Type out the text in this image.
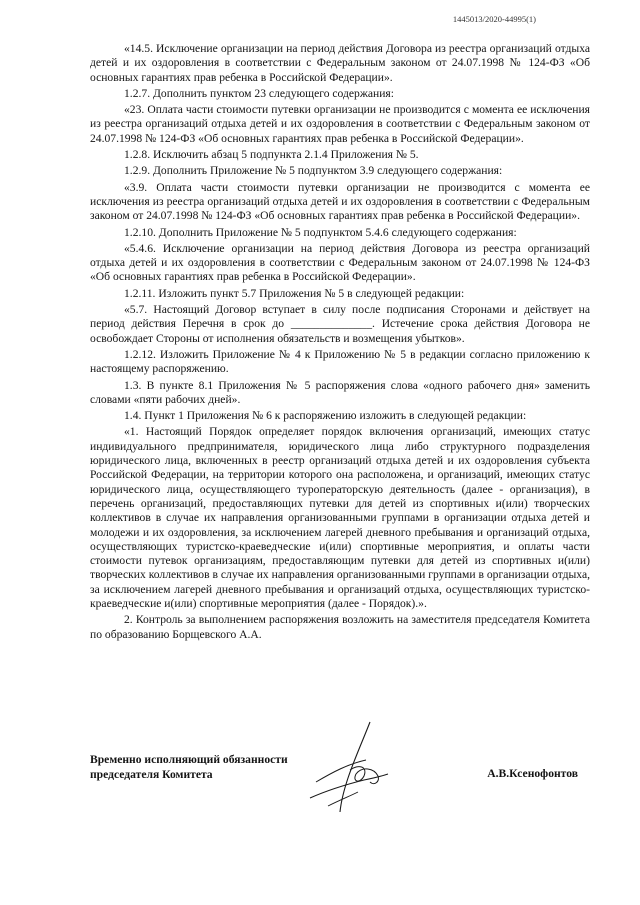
1445013/2020-44995(1)

«14.5. Исключение организации на период действия Договора из реестра организаций отдыха детей и их оздоровления в соответствии с Федеральным законом от 24.07.1998 № 124-ФЗ «Об основных гарантиях прав ребенка в Российской Федерации».

1.2.7. Дополнить пунктом 23 следующего содержания:

«23. Оплата части стоимости путевки организации не производится с момента ее исключения из реестра организаций отдыха детей и их оздоровления в соответствии с Федеральным законом от 24.07.1998 № 124-ФЗ «Об основных гарантиях прав ребенка в Российской Федерации».

1.2.8. Исключить абзац 5 подпункта 2.1.4 Приложения № 5.

1.2.9. Дополнить Приложение № 5 подпунктом 3.9 следующего содержания:

«3.9. Оплата части стоимости путевки организации не производится с момента ее исключения из реестра организаций отдыха детей и их оздоровления в соответствии с Федеральным законом от 24.07.1998 № 124-ФЗ «Об основных гарантиях прав ребенка в Российской Федерации».

1.2.10. Дополнить Приложение № 5 подпунктом 5.4.6 следующего содержания:

«5.4.6. Исключение организации на период действия Договора из реестра организаций отдыха детей и их оздоровления в соответствии с Федеральным законом от 24.07.1998 № 124-ФЗ «Об основных гарантиях прав ребенка в Российской Федерации».

1.2.11. Изложить пункт 5.7 Приложения № 5 в следующей редакции:

«5.7. Настоящий Договор вступает в силу после подписания Сторонами и действует на период действия Перечня в срок до ______________. Истечение срока действия Договора не освобождает Стороны от исполнения обязательств и возмещения убытков».

1.2.12. Изложить Приложение № 4 к Приложению № 5 в редакции согласно приложению к настоящему распоряжению.

1.3. В пункте 8.1 Приложения № 5 распоряжения слова «одного рабочего дня» заменить словами «пяти рабочих дней».

1.4. Пункт 1 Приложения № 6 к распоряжению изложить в следующей редакции:

«1. Настоящий Порядок определяет порядок включения организаций, имеющих статус индивидуального предпринимателя, юридического лица либо структурного подразделения юридического лица, включенных в реестр организаций отдыха детей и их оздоровления субъекта Российской Федерации, на территории которого она расположена, и организаций, имеющих статус юридического лица, осуществляющего туроператорскую деятельность (далее - организация), в перечень организаций, предоставляющих путевки для детей из спортивных и(или) творческих коллективов в случае их направления организованными группами в организации отдыха детей и молодежи и их оздоровления, за исключением лагерей дневного пребывания и организаций отдыха, осуществляющих туристско-краеведческие и(или) спортивные мероприятия, и оплаты части стоимости путевок организациям, предоставляющим путевки для детей из спортивных и(или) творческих коллективов в случае их направления организованными группами в организации отдыха, за исключением лагерей дневного пребывания и организаций отдыха, осуществляющих туристско-краеведческие и(или) спортивные мероприятия (далее - Порядок).».

2. Контроль за выполнением распоряжения возложить на заместителя председателя Комитета по образованию Борщевского А.А.

Временно исполняющий обязанности
председателя Комитета	А.В.Ксенофонтов
